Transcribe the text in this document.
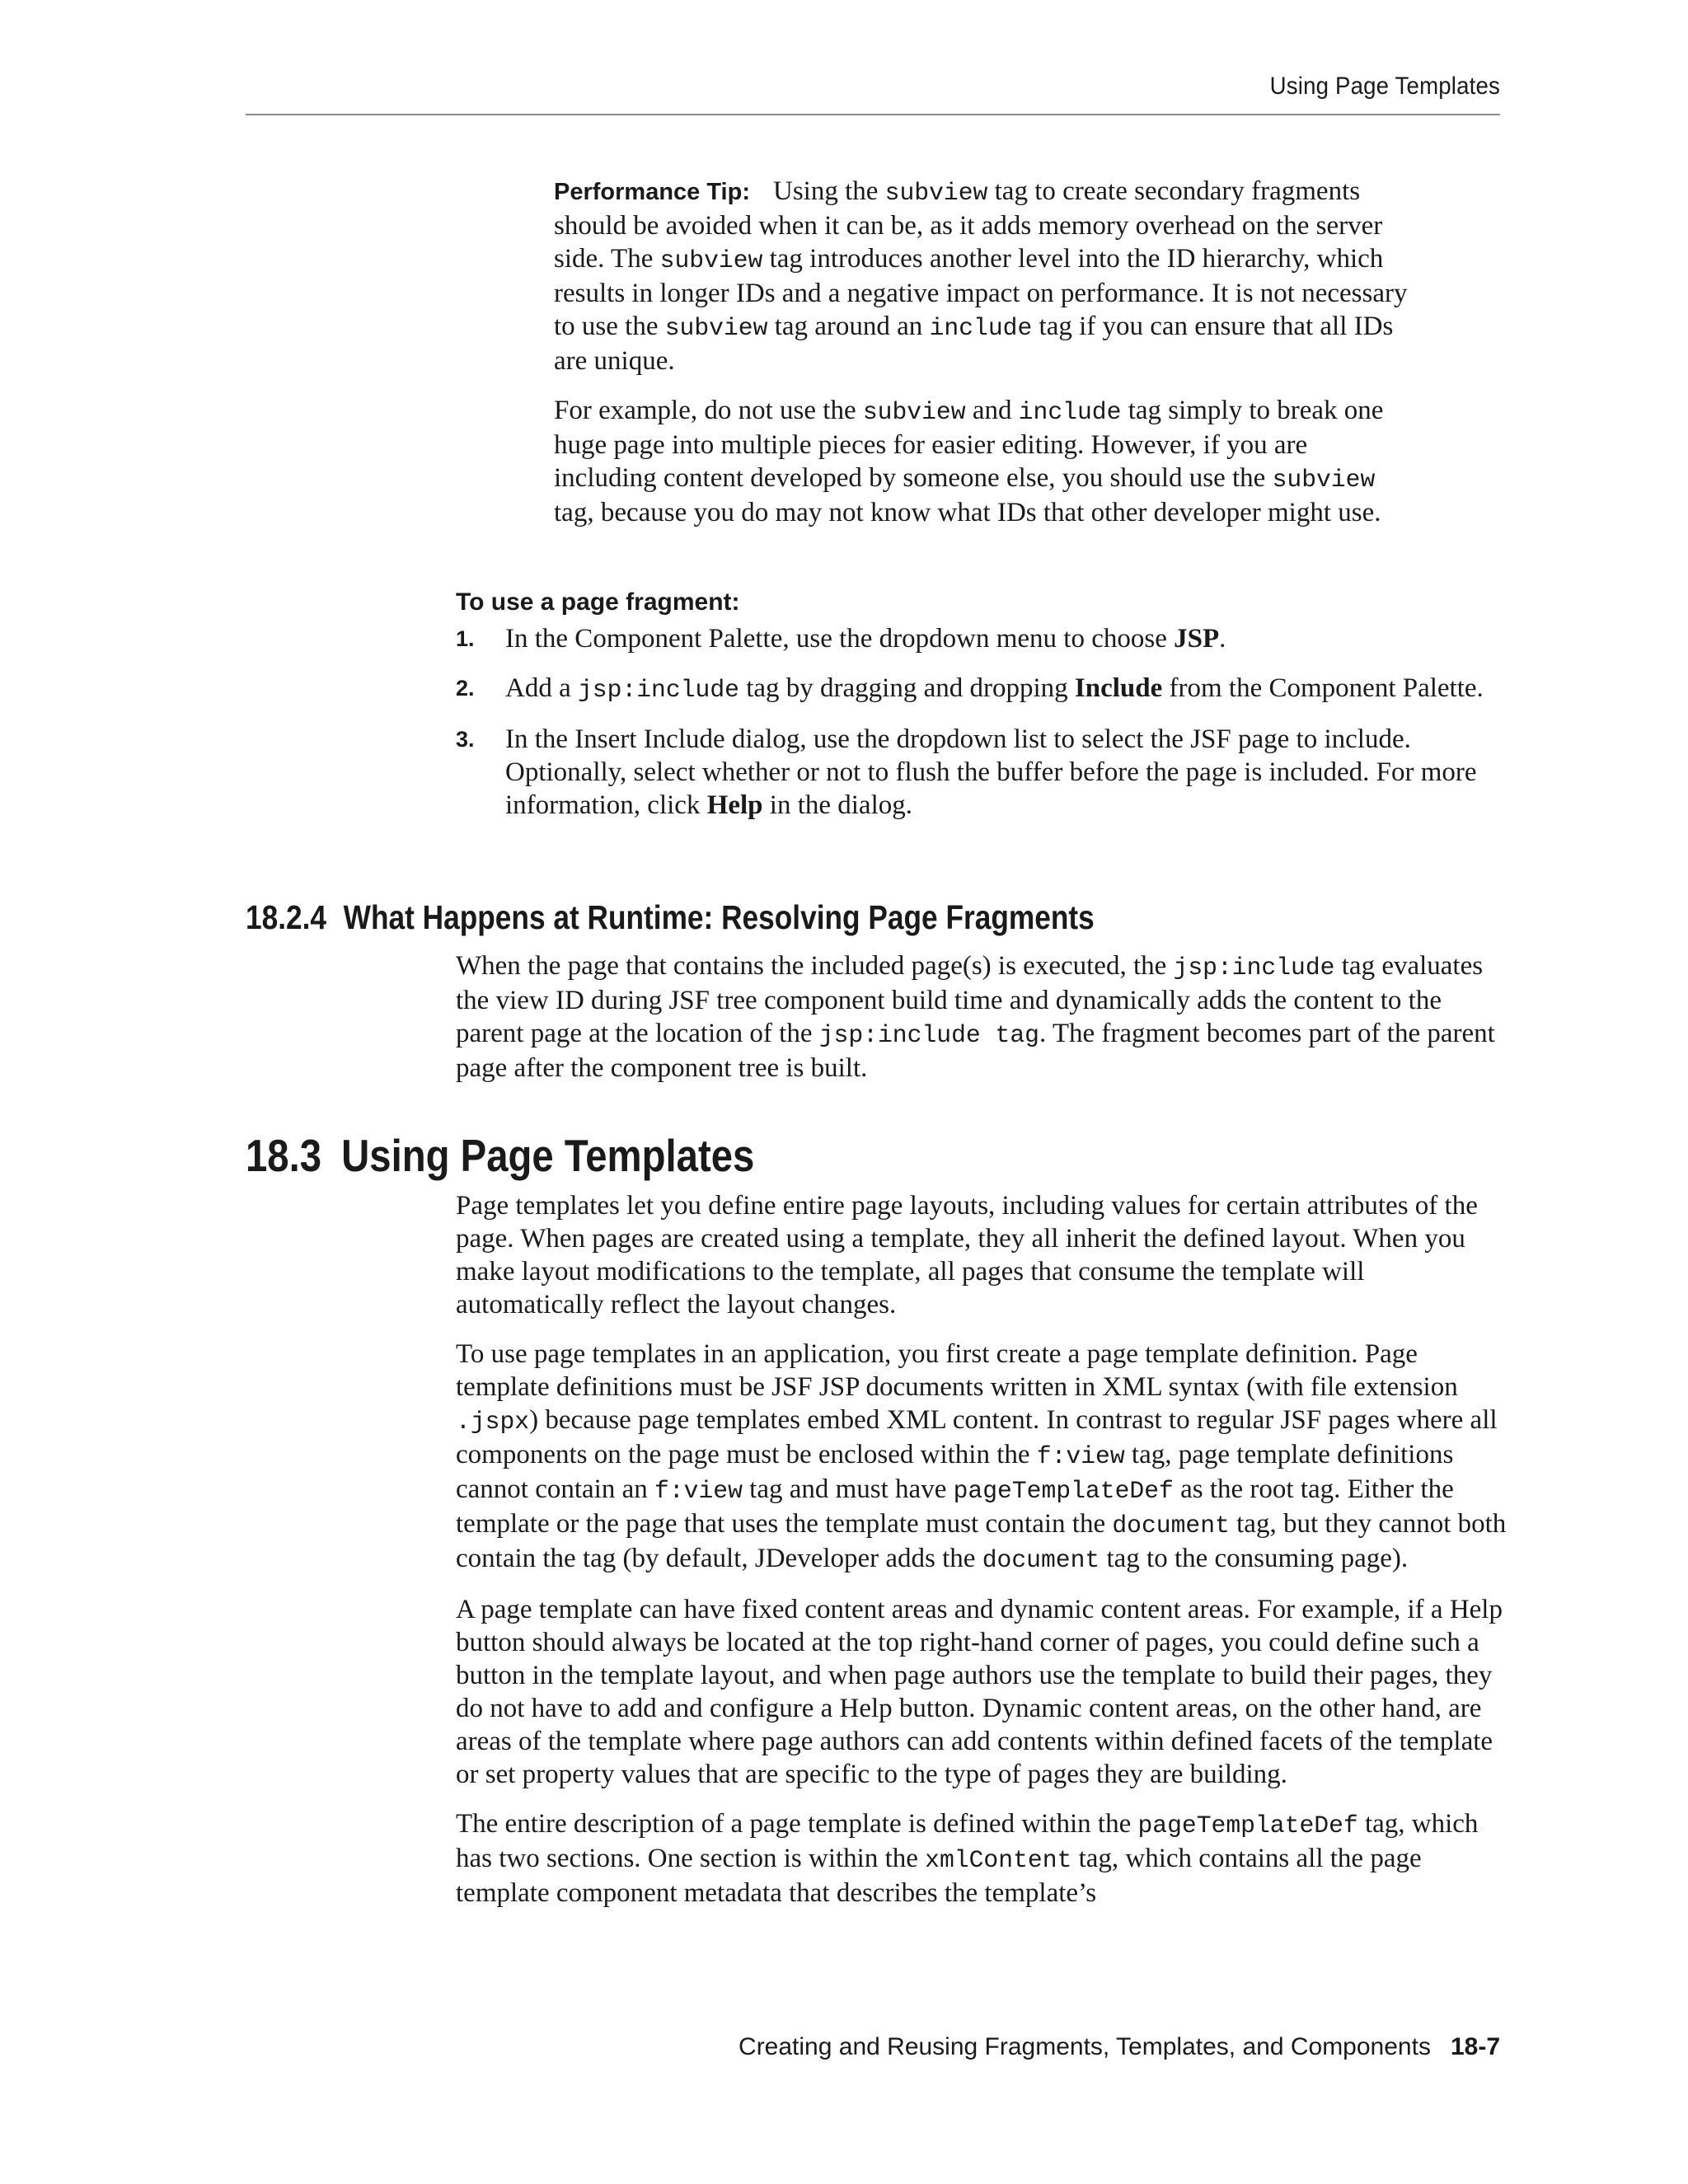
Using Page Templates

Performance Tip: Using the subview tag to create secondary fragments should be avoided when it can be, as it adds memory overhead on the server side. The subview tag introduces another level into the ID hierarchy, which results in longer IDs and a negative impact on performance. It is not necessary to use the subview tag around an include tag if you can ensure that all IDs are unique.

For example, do not use the subview and include tag simply to break one huge page into multiple pieces for easier editing. However, if you are including content developed by someone else, you should use the subview tag, because you do may not know what IDs that other developer might use.

To use a page fragment:
1. In the Component Palette, use the dropdown menu to choose JSP.
2. Add a jsp:include tag by dragging and dropping Include from the Component Palette.
3. In the Insert Include dialog, use the dropdown list to select the JSF page to include. Optionally, select whether or not to flush the buffer before the page is included. For more information, click Help in the dialog.
18.2.4 What Happens at Runtime: Resolving Page Fragments

When the page that contains the included page(s) is executed, the jsp:include tag evaluates the view ID during JSF tree component build time and dynamically adds the content to the parent page at the location of the jsp:include tag. The fragment becomes part of the parent page after the component tree is built.

18.3 Using Page Templates

Page templates let you define entire page layouts, including values for certain attributes of the page. When pages are created using a template, they all inherit the defined layout. When you make layout modifications to the template, all pages that consume the template will automatically reflect the layout changes.

To use page templates in an application, you first create a page template definition. Page template definitions must be JSF JSP documents written in XML syntax (with file extension .jspx) because page templates embed XML content. In contrast to regular JSF pages where all components on the page must be enclosed within the f:view tag, page template definitions cannot contain an f:view tag and must have pageTemplateDef as the root tag. Either the template or the page that uses the template must contain the document tag, but they cannot both contain the tag (by default, JDeveloper adds the document tag to the consuming page).

A page template can have fixed content areas and dynamic content areas. For example, if a Help button should always be located at the top right-hand corner of pages, you could define such a button in the template layout, and when page authors use the template to build their pages, they do not have to add and configure a Help button. Dynamic content areas, on the other hand, are areas of the template where page authors can add contents within defined facets of the template or set property values that are specific to the type of pages they are building.

The entire description of a page template is defined within the pageTemplateDef tag, which has two sections. One section is within the xmlContent tag, which contains all the page template component metadata that describes the template’s

Creating and Reusing Fragments, Templates, and Components 18-7
